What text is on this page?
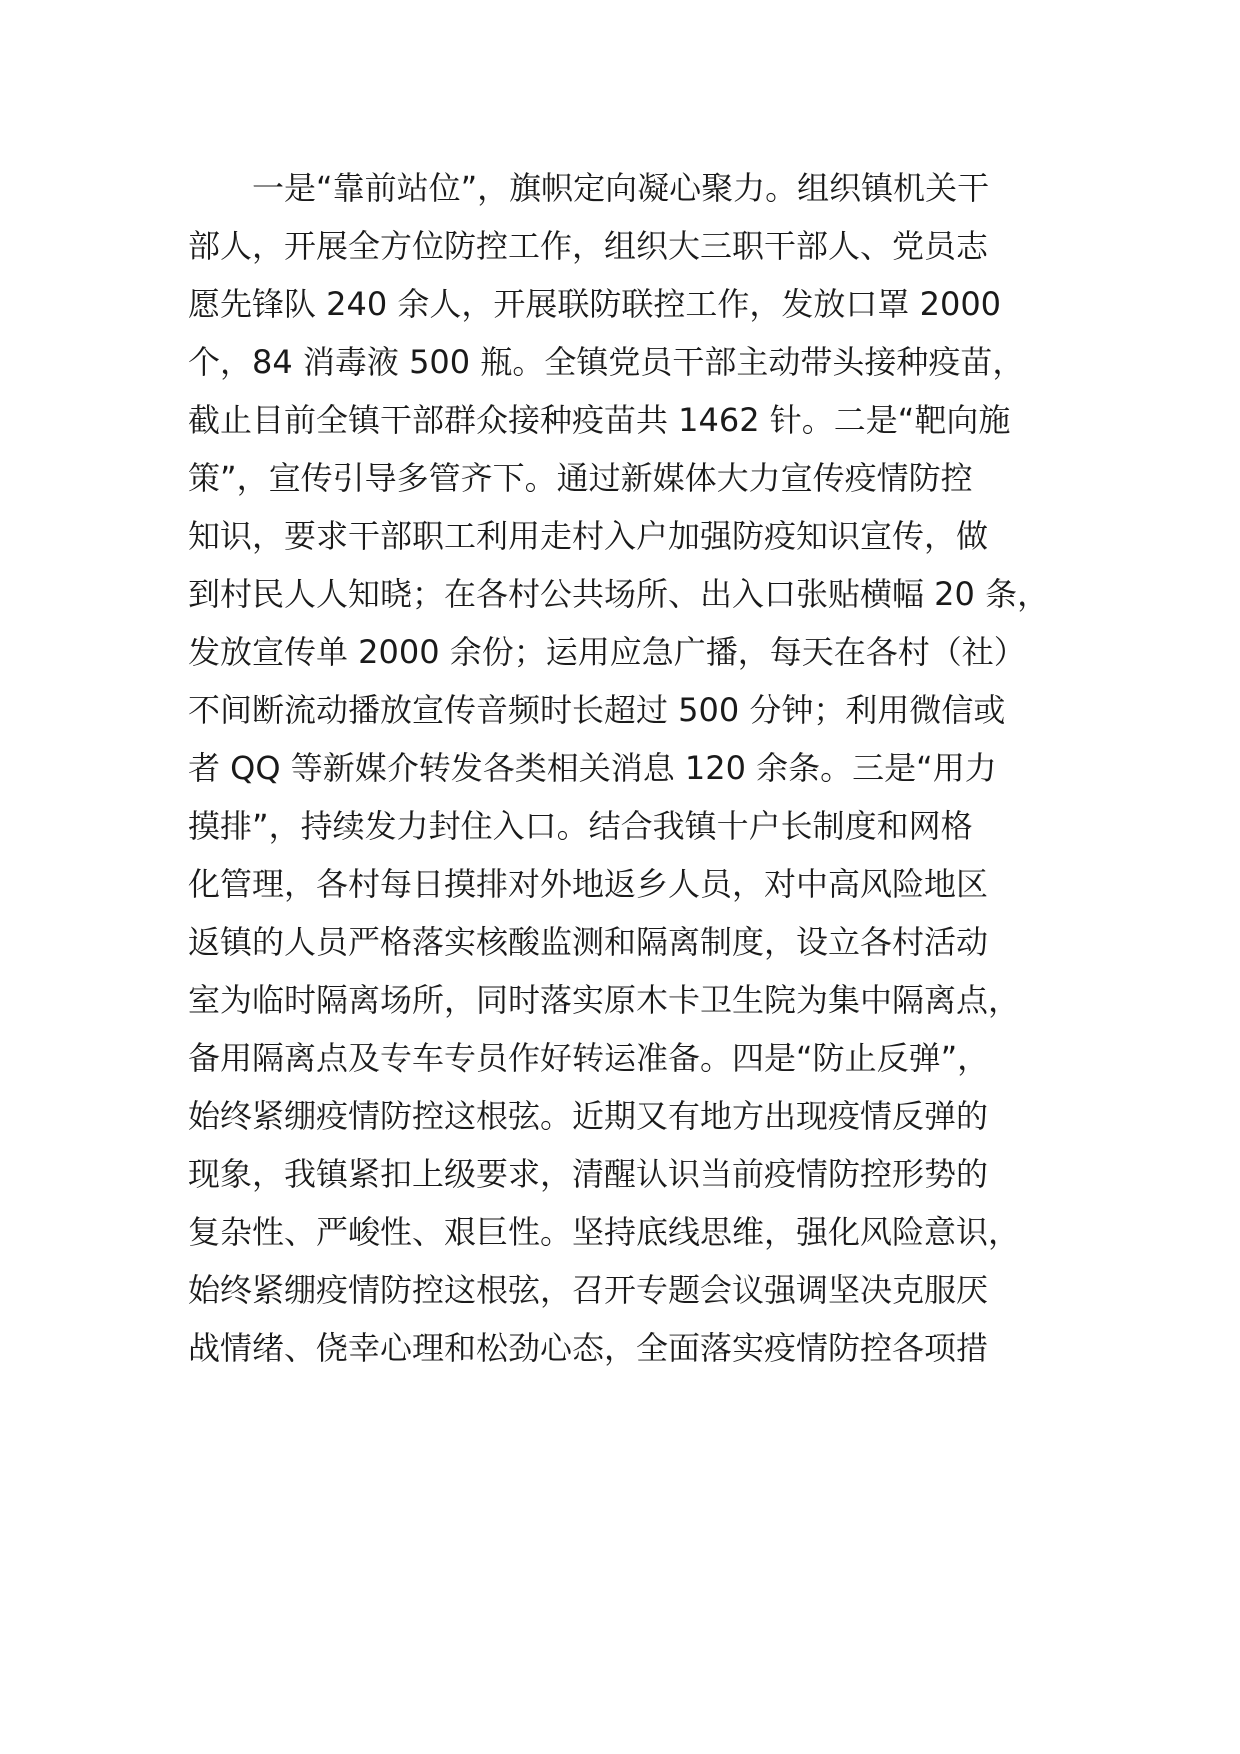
　　一是“靠前站位”，旗帜定向凝心聚力。组织镇机关干
部人，开展全方位防控工作，组织大三职干部人、党员志
愿先锋队 240 余人，开展联防联控工作，发放口罩 2000
个，84 消毒液 500 瓶。全镇党员干部主动带头接种疫苗，
截止目前全镇干部群众接种疫苗共 1462 针。二是“靶向施
策”，宣传引导多管齐下。通过新媒体大力宣传疫情防控
知识，要求干部职工利用走村入户加强防疫知识宣传，做
到村民人人知晓；在各村公共场所、出入口张贴横幅 20 条，
发放宣传单 2000 余份；运用应急广播，每天在各村（社）
不间断流动播放宣传音频时长超过 500 分钟；利用微信或
者 QQ 等新媒介转发各类相关消息 120 余条。三是“用力
摸排”，持续发力封住入口。结合我镇十户长制度和网格
化管理，各村每日摸排对外地返乡人员，对中高风险地区
返镇的人员严格落实核酸监测和隔离制度，设立各村活动
室为临时隔离场所，同时落实原木卡卫生院为集中隔离点，
备用隔离点及专车专员作好转运准备。四是“防止反弹”，
始终紧绷疫情防控这根弦。近期又有地方出现疫情反弹的
现象，我镇紧扣上级要求，清醒认识当前疫情防控形势的
复杂性、严峻性、艰巨性。坚持底线思维，强化风险意识，
始终紧绷疫情防控这根弦，召开专题会议强调坚决克服厌
战情绪、侥幸心理和松劲心态，全面落实疫情防控各项措
